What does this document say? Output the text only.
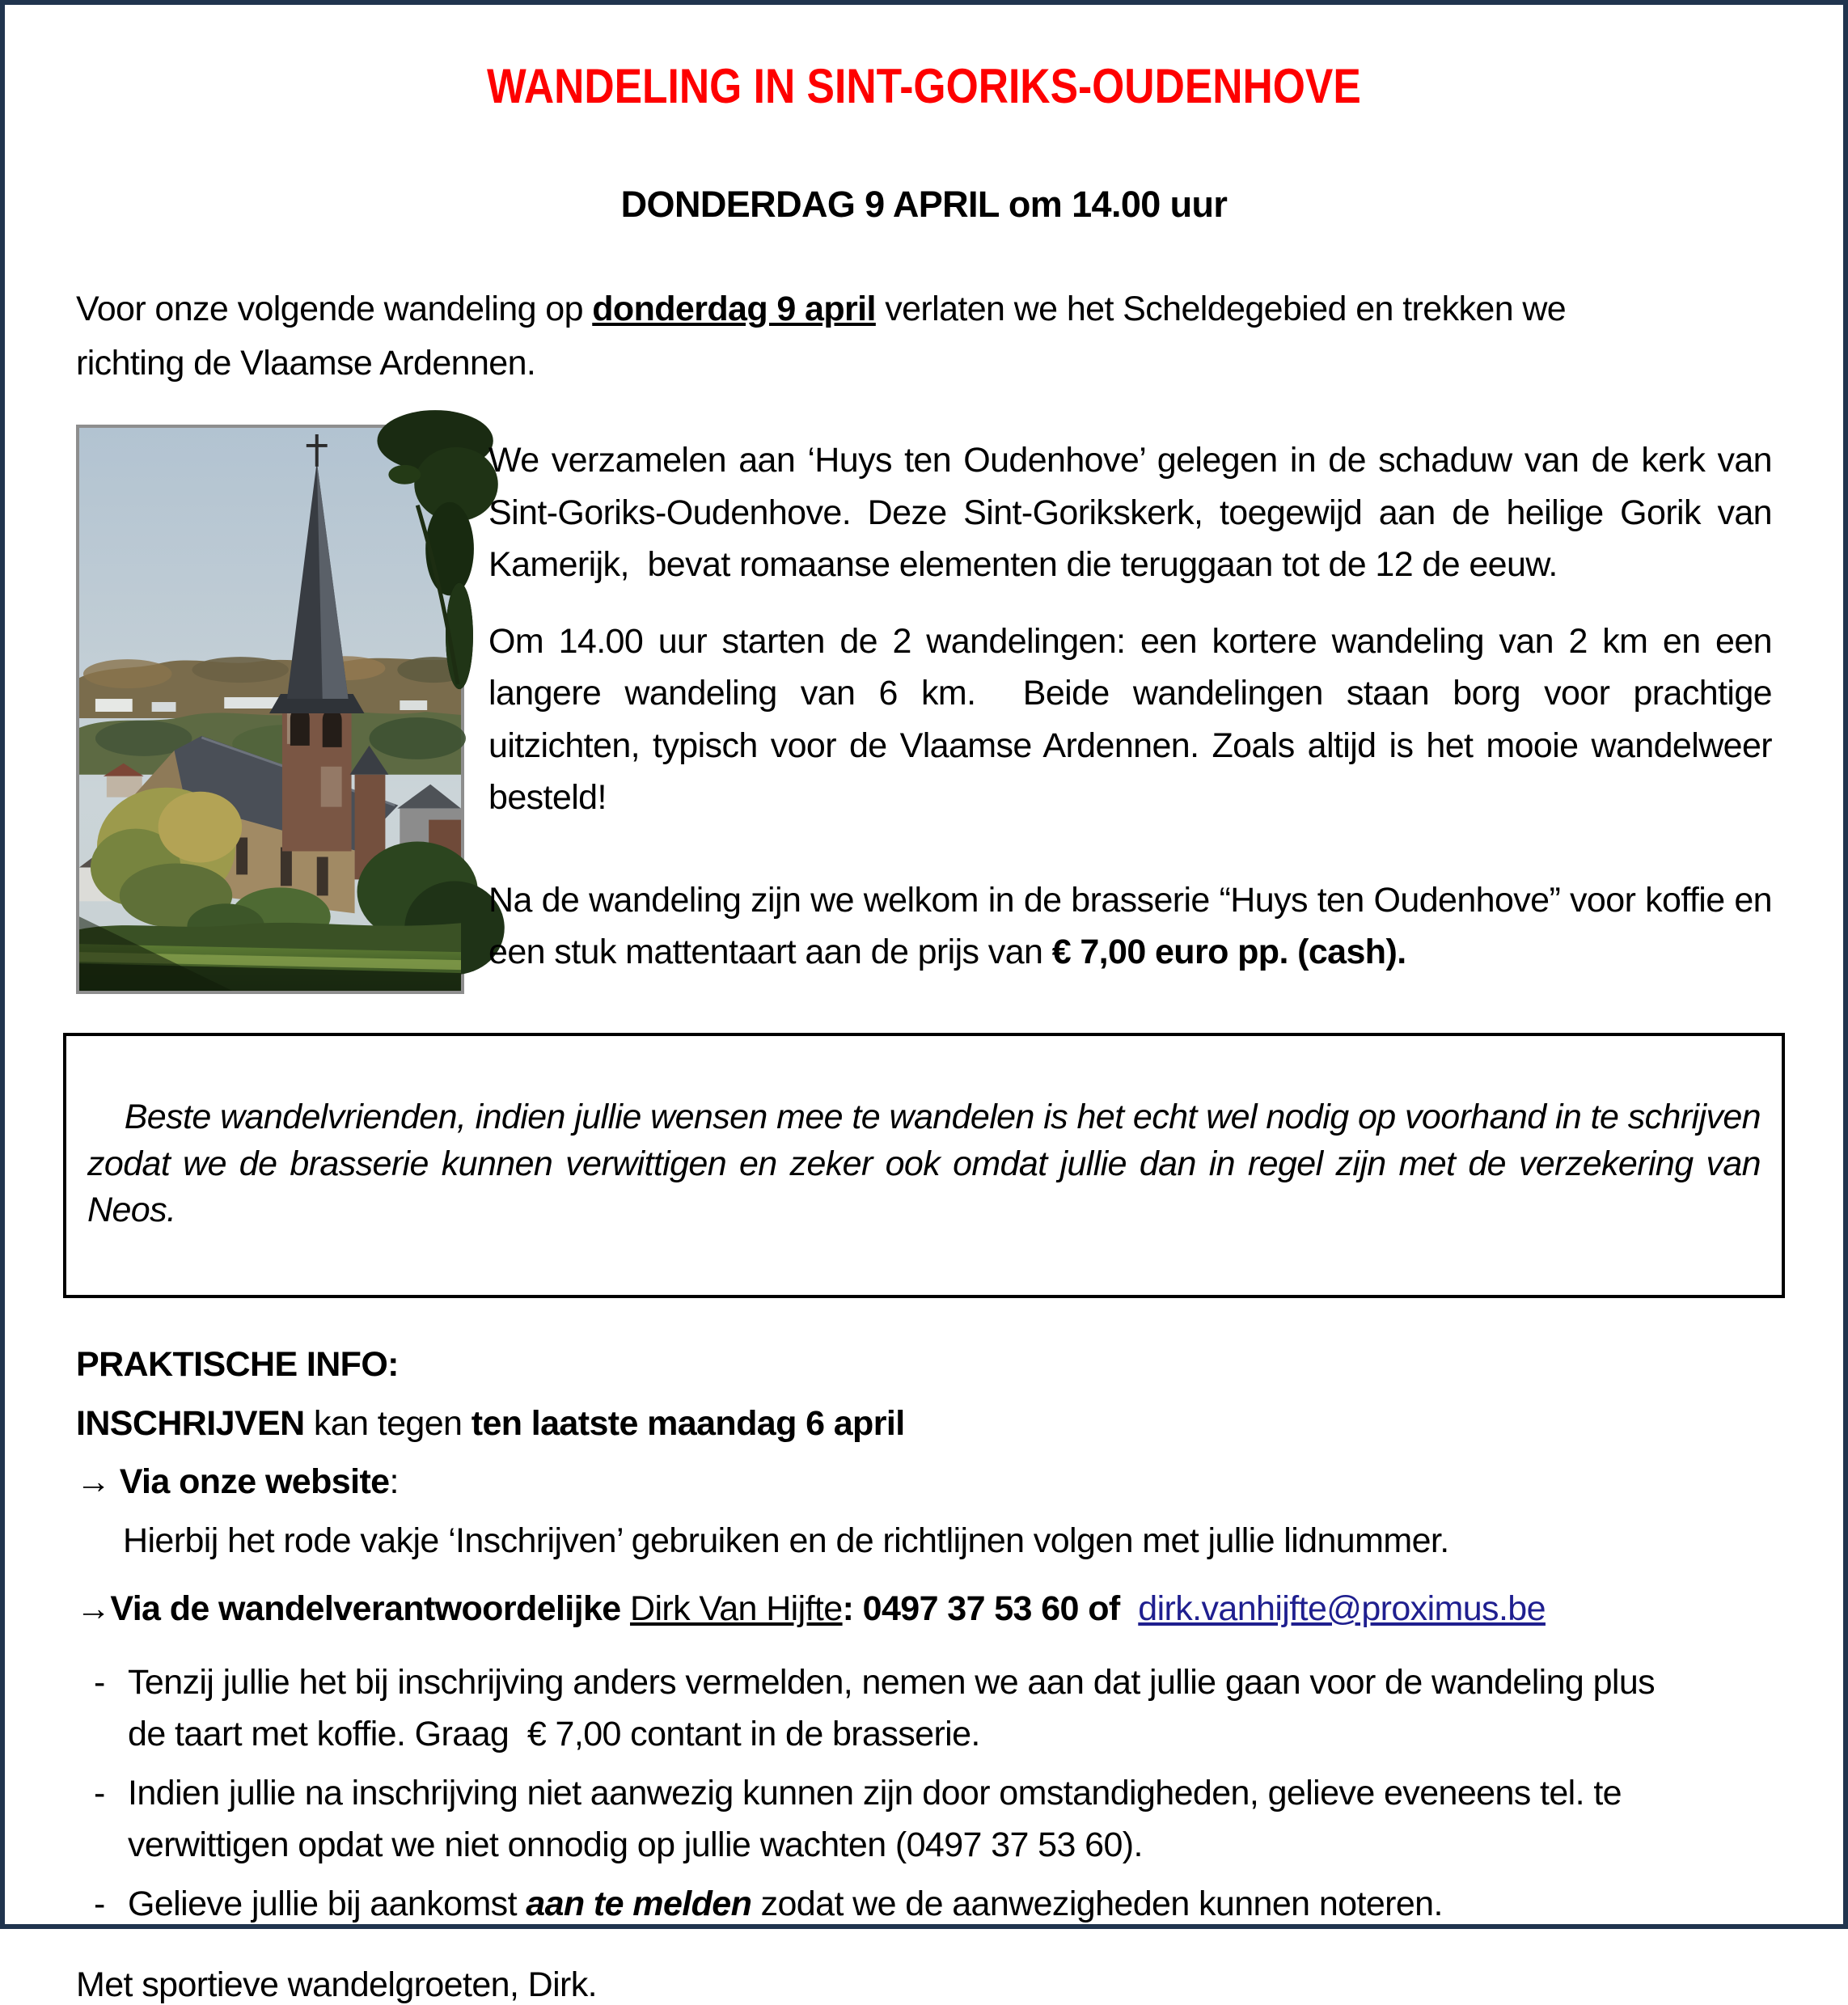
WANDELING IN SINT-GORIKS-OUDENHOVE
DONDERDAG 9 APRIL om 14.00 uur

Voor onze volgende wandeling op donderdag 9 april verlaten we het Scheldegebied en trekken we richting de Vlaamse Ardennen.

We verzamelen aan ‘Huys ten Oudenhove’ gelegen in de schaduw van de kerk van Sint-Goriks-Oudenhove. Deze Sint-Gorikskerk, toegewijd aan de heilige Gorik van Kamerijk,  bevat romaanse elementen die teruggaan tot de 12 de eeuw.

Om 14.00 uur starten de 2 wandelingen: een kortere wandeling van 2 km en een langere wandeling van 6 km.  Beide wandelingen staan borg voor prachtige uitzichten, typisch voor de Vlaamse Ardennen. Zoals altijd is het mooie wandelweer besteld!

Na de wandeling zijn we welkom in de brasserie “Huys ten Oudenhove” voor koffie en een stuk mattentaart aan de prijs van € 7,00 euro pp. (cash).

Beste wandelvrienden, indien jullie wensen mee te wandelen is het echt wel nodig op voorhand in te schrijven zodat we de brasserie kunnen verwittigen en zeker ook omdat jullie dan in regel zijn met de verzekering van Neos.

PRAKTISCHE INFO:
INSCHRIJVEN kan tegen ten laatste maandag 6 april
→ Via onze website:
Hierbij het rode vakje ‘Inschrijven’ gebruiken en de richtlijnen volgen met jullie lidnummer.
→Via de wandelverantwoordelijke Dirk Van Hijfte: 0497 37 53 60 of  dirk.vanhijfte@proximus.be
- Tenzij jullie het bij inschrijving anders vermelden, nemen we aan dat jullie gaan voor de wandeling plus de taart met koffie. Graag  € 7,00 contant in de brasserie.
- Indien jullie na inschrijving niet aanwezig kunnen zijn door omstandigheden, gelieve eveneens tel. te verwittigen opdat we niet onnodig op jullie wachten (0497 37 53 60).
- Gelieve jullie bij aankomst aan te melden zodat we de aanwezigheden kunnen noteren.
Met sportieve wandelgroeten, Dirk.
